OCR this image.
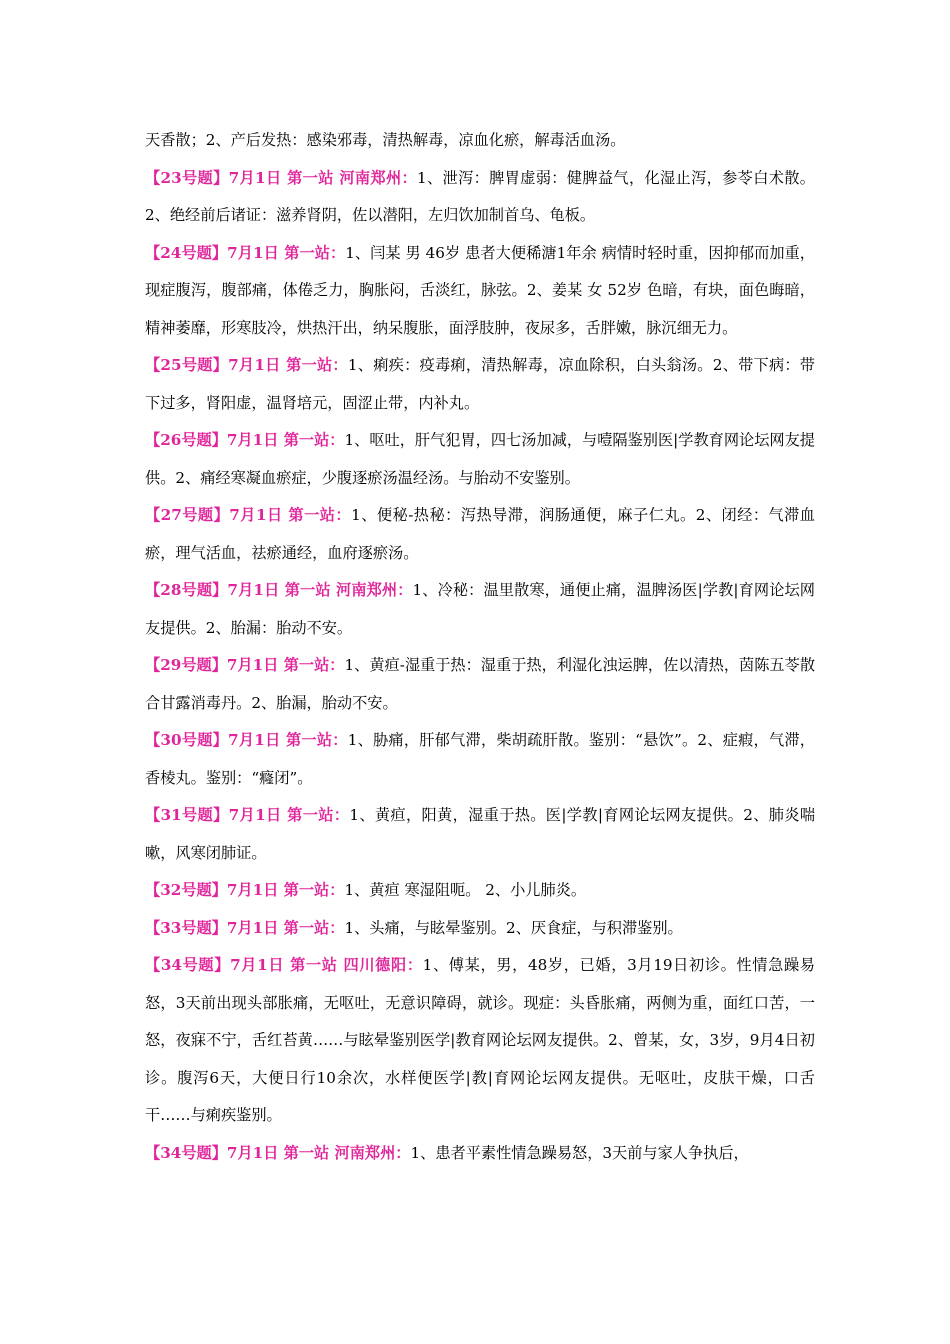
天香散；2、产后发热：感染邪毒，清热解毒，凉血化瘀，解毒活血汤。

【23号题】7月1日 第一站 河南郑州：1、泄泻：脾胃虚弱：健脾益气，化湿止泻，参苓白术散。2、绝经前后诸证：滋养肾阴，佐以潜阳，左归饮加制首乌、龟板。

【24号题】7月1日 第一站：1、闫某 男 46岁 患者大便稀溏1年余 病情时轻时重，因抑郁而加重，现症腹泻，腹部痛，体倦乏力，胸胀闷，舌淡红，脉弦。2、姜某 女 52岁 色暗，有块，面色晦暗，精神萎靡，形寒肢冷，烘热汗出，纳呆腹胀，面浮肢肿，夜尿多，舌胖嫩，脉沉细无力。

【25号题】7月1日 第一站：1、痢疾：疫毒痢，清热解毒，凉血除积，白头翁汤。2、带下病：带下过多，肾阳虚，温肾培元，固涩止带，内补丸。

【26号题】7月1日 第一站：1、呕吐，肝气犯胃，四七汤加减，与噎隔鉴别医|学教育网论坛网友提供。2、痛经寒凝血瘀症，少腹逐瘀汤温经汤。与胎动不安鉴别。

【27号题】7月1日 第一站：1、便秘-热秘：泻热导滞，润肠通便，麻子仁丸。2、闭经：气滞血瘀，理气活血，祛瘀通经，血府逐瘀汤。

【28号题】7月1日 第一站 河南郑州：1、冷秘：温里散寒，通便止痛，温脾汤医|学教|育网论坛网友提供。2、胎漏：胎动不安。

【29号题】7月1日 第一站：1、黄疸-湿重于热：湿重于热，利湿化浊运脾，佐以清热，茵陈五苓散合甘露消毒丹。2、胎漏，胎动不安。

【30号题】7月1日 第一站：1、胁痛，肝郁气滞，柴胡疏肝散。鉴别：“悬饮”。2、症瘕，气滞，香棱丸。鉴别：“癃闭”。

【31号题】7月1日 第一站：1、黄疸，阳黄，湿重于热。医|学教|育网论坛网友提供。2、肺炎喘嗽，风寒闭肺证。

【32号题】7月1日 第一站：1、黄疸 寒湿阻呃。 2、小儿肺炎。

【33号题】7月1日 第一站：1、头痛，与眩晕鉴别。2、厌食症，与积滞鉴别。

【34号题】7月1日 第一站 四川德阳：1、傅某，男，48岁，已婚，3月19日初诊。性情急躁易怒，3天前出现头部胀痛，无呕吐，无意识障碍，就诊。现症：头昏胀痛，两侧为重，面红口苦，一怒，夜寐不宁，舌红苔黄……与眩晕鉴别医学|教育网论坛网友提供。2、曾某，女，3岁，9月4日初诊。腹泻6天，大便日行10余次，水样便医学|教|育网论坛网友提供。无呕吐，皮肤干燥，口舌干……与痢疾鉴别。

【34号题】7月1日 第一站 河南郑州：1、患者平素性情急躁易怒，3天前与家人争执后，
